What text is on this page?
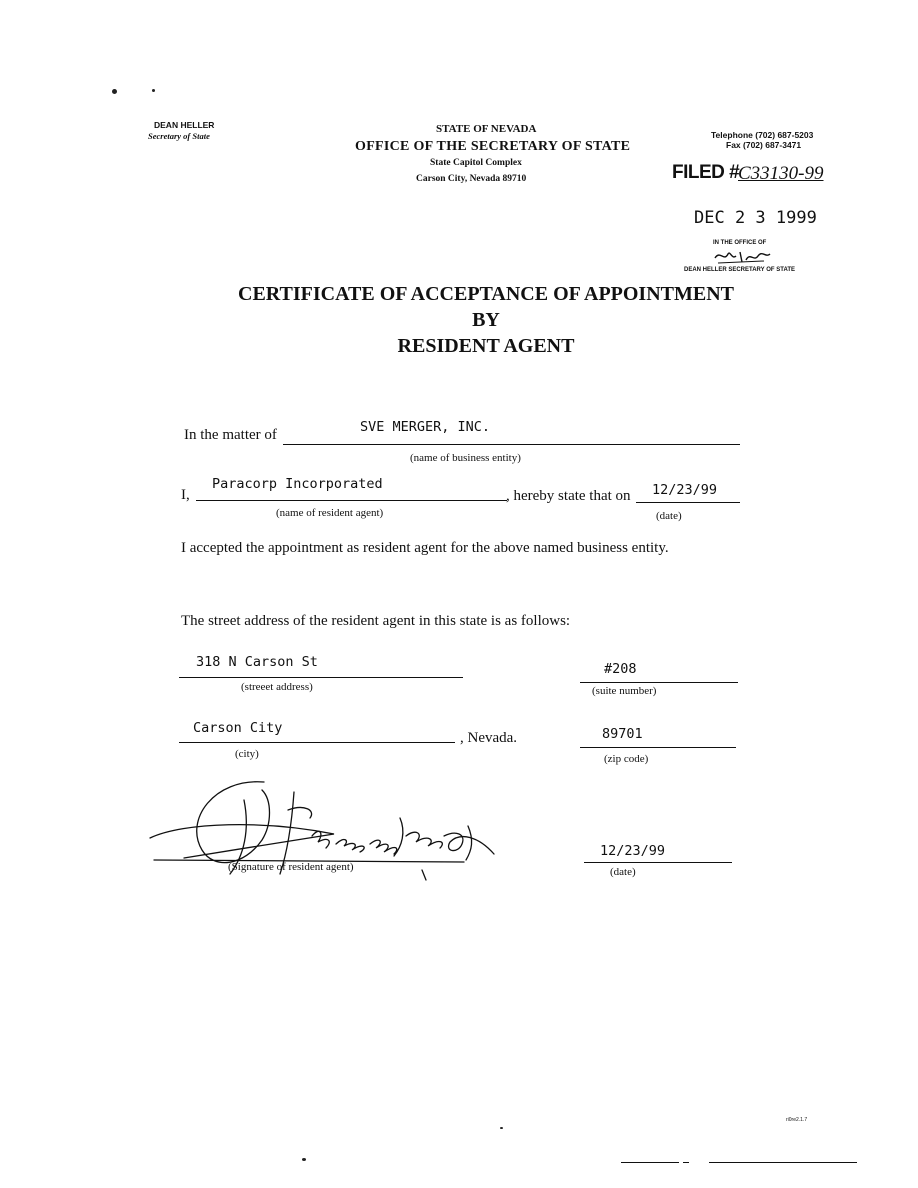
DEAN HELLER
Secretary of State
STATE OF NEVADA
OFFICE OF THE SECRETARY OF STATE
State Capitol Complex
Carson City, Nevada 89710
Telephone (702) 687-5203
Fax (702) 687-3471
FILED #
C33130-99
DEC 2 3 1999
IN THE OFFICE OF
DEAN HELLER SECRETARY OF STATE
CERTIFICATE OF ACCEPTANCE OF APPOINTMENT
BY
RESIDENT AGENT
In the matter of	SVE MERGER, INC.
(name of business entity)
I,
Paracorp Incorporated
, hereby state that on 12/23/99
(name of resident agent)	(date)
I accepted the appointment as resident agent for the above named business entity.
The street address of the resident agent in this state is as follows:
318 N Carson St
(streeet address)
#208
(suite number)
Carson City
, Nevada.
(city)
89701
(zip code)
(Signature of resident agent)
12/23/99
(date)
ri0re2.1.7
